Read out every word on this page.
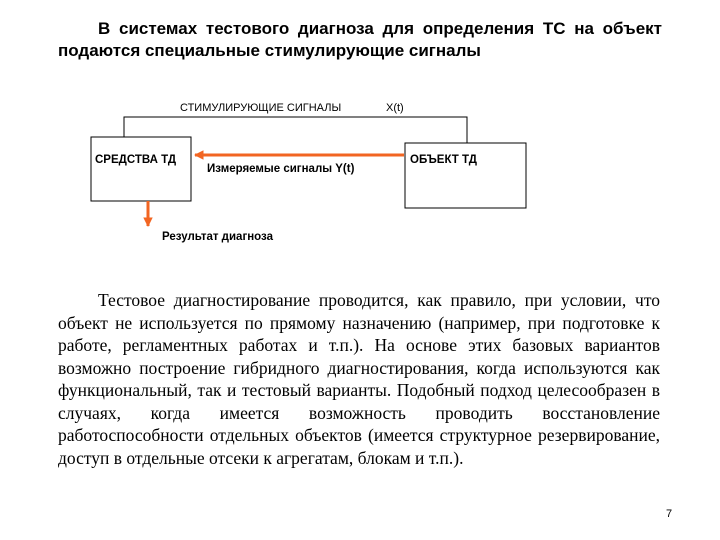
В системах тестового диагноза для определения ТС на объект подаются специальные стимулирующие сигналы
СТИМУЛИРУЮЩИЕ СИГНАЛЫ	X(t)
СРЕДСТВА ТД	ОБЪЕКТ ТД
Измеряемые сигналы Y(t)
Результат диагноза
Тестовое диагностирование проводится, как правило, при условии, что объект не используется по прямому назначению (например, при подготовке к работе, регламентных работах и т.п.). На основе этих базовых вариантов возможно построение гибридного диагностирования, когда используются как функциональный, так и тестовый варианты. Подобный подход целесообразен в случаях, когда имеется возможность проводить восстановление работоспособности отдельных объектов (имеется структурное резервирование, доступ в отдельные отсеки к агрегатам, блокам и т.п.).
7
